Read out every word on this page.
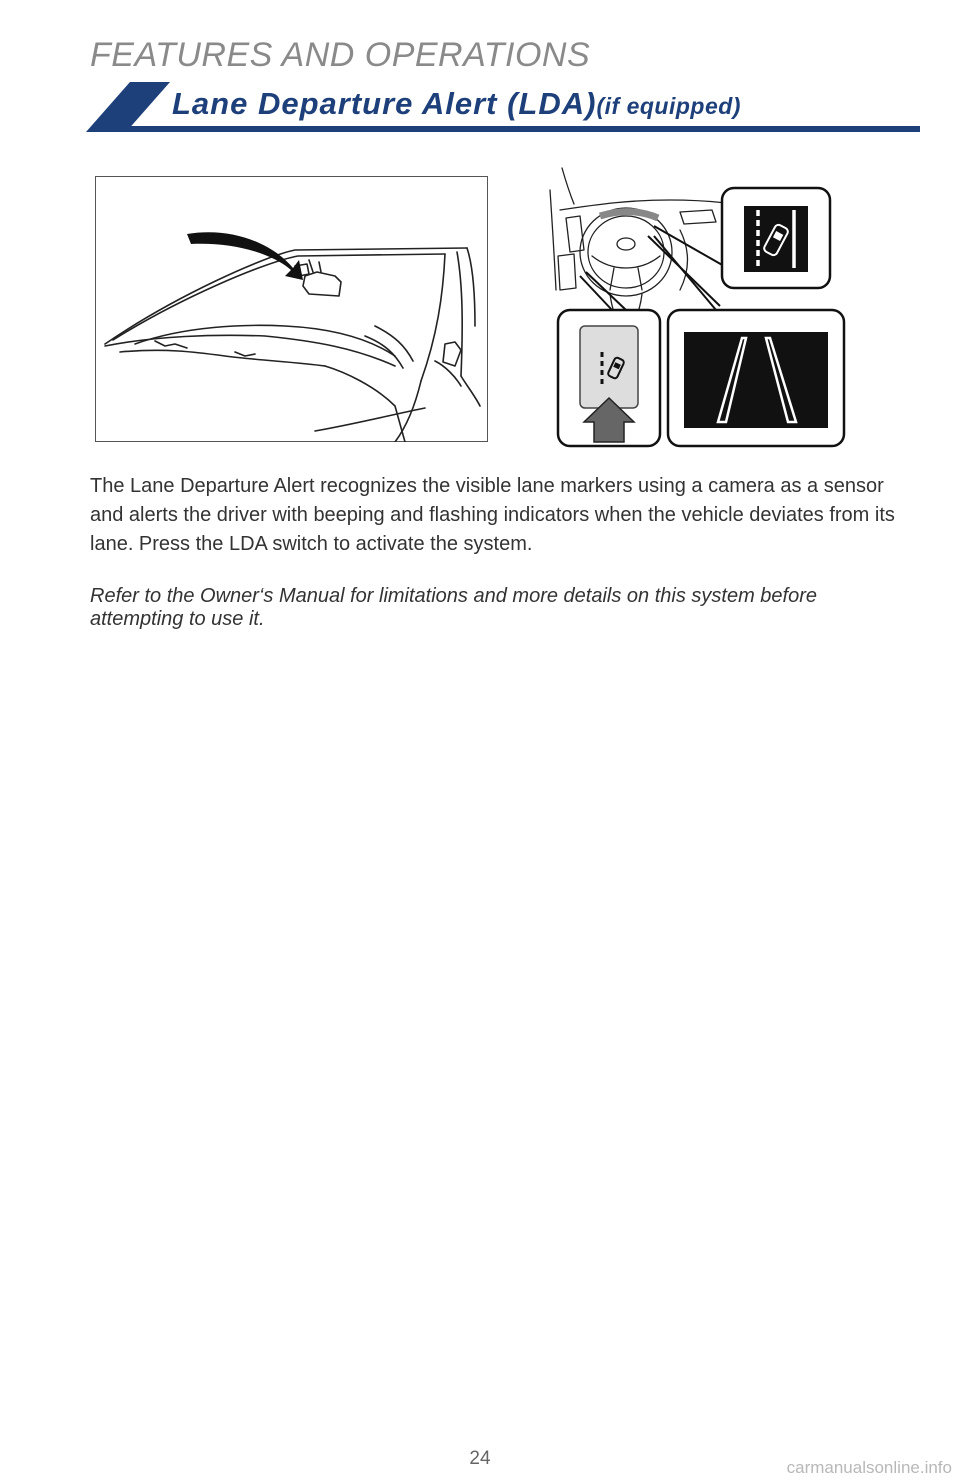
FEATURES AND OPERATIONS
Lane Departure Alert (LDA)(if equipped)

The Lane Departure Alert recognizes the visible lane markers using a camera as a sensor and alerts the driver with beeping and flashing indicators when the vehicle deviates from its lane. Press the LDA switch to activate the system.

Refer to the Owner‘s Manual for limitations and more details on this system before attempting to use it.

24	carmanualsonline.info
